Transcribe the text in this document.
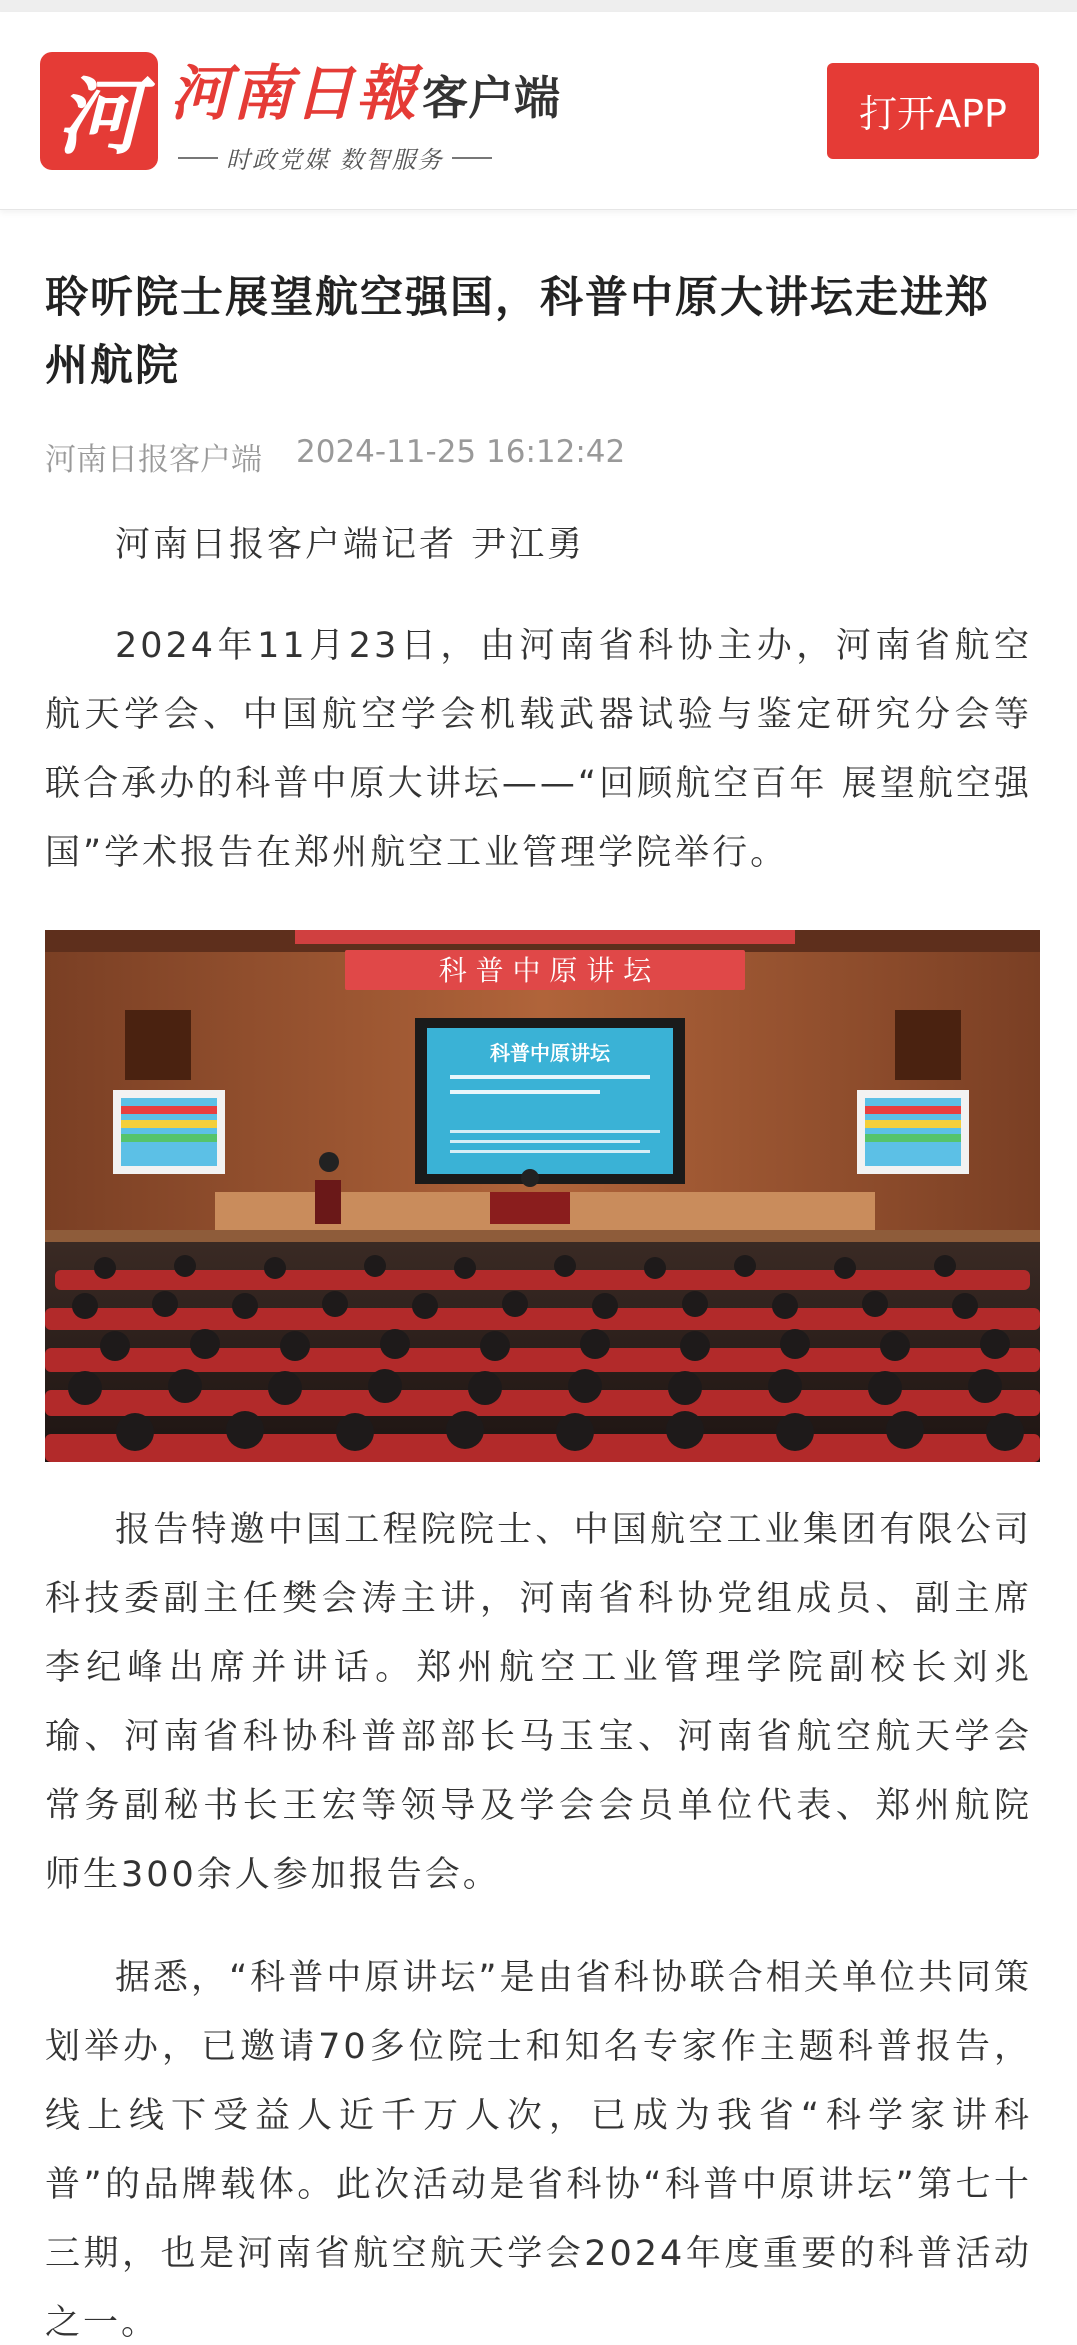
河 河南日報 客户端
时政党媒 数智服务
打开APP
聆听院士展望航空强国，科普中原大讲坛走进郑州航院
河南日报客户端 2024-11-25 16:12:42

河南日报客户端记者 尹江勇

2024年11月23日，由河南省科协主办，河南省航空航天学会、中国航空学会机载武器试验与鉴定研究分会等联合承办的科普中原大讲坛——“回顾航空百年 展望航空强国”学术报告在郑州航空工业管理学院举行。

科 普 中 原 讲 坛
科普中原讲坛

报告特邀中国工程院院士、中国航空工业集团有限公司科技委副主任樊会涛主讲，河南省科协党组成员、副主席李纪峰出席并讲话。郑州航空工业管理学院副校长刘兆瑜、河南省科协科普部部长马玉宝、河南省航空航天学会常务副秘书长王宏等领导及学会会员单位代表、郑州航院师生300余人参加报告会。

据悉，“科普中原讲坛”是由省科协联合相关单位共同策划举办，已邀请70多位院士和知名专家作主题科普报告，线上线下受益人近千万人次，已成为我省“科学家讲科普”的品牌载体。此次活动是省科协“科普中原讲坛”第七十三期，也是河南省航空航天学会2024年度重要的科普活动之一。
